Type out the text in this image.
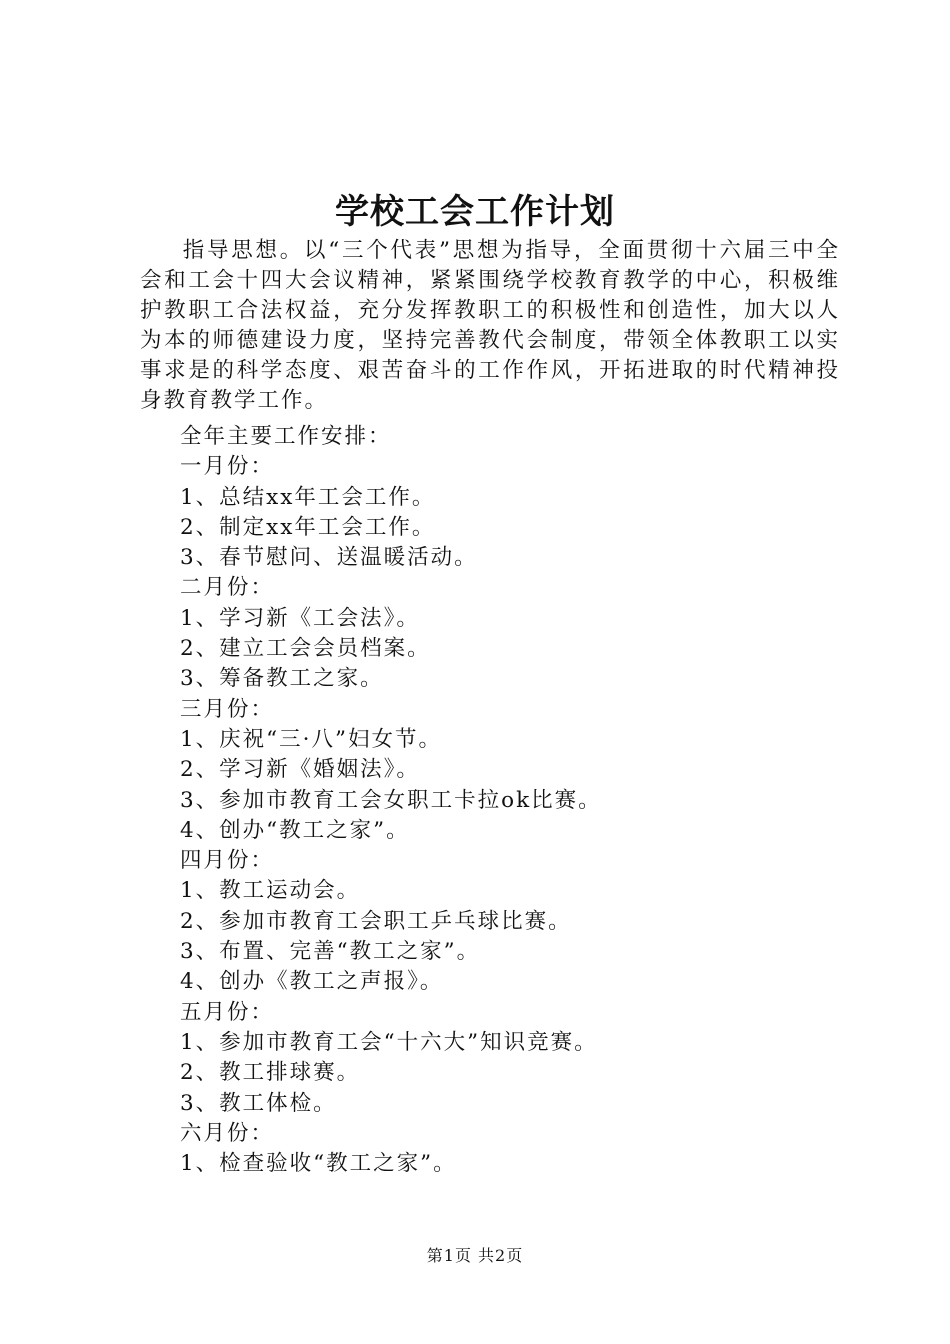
学校工会工作计划
指导思想。以“三个代表”思想为指导，全面贯彻十六届三中全会和工会十四大会议精神，紧紧围绕学校教育教学的中心，积极维护教职工合法权益，充分发挥教职工的积极性和创造性，加大以人为本的师德建设力度，坚持完善教代会制度，带领全体教职工以实事求是的科学态度、艰苦奋斗的工作作风，开拓进取的时代精神投身教育教学工作。
全年主要工作安排：
一月份：
1、总结xx年工会工作。
2、制定xx年工会工作。
3、春节慰问、送温暖活动。
二月份：
1、学习新《工会法》。
2、建立工会会员档案。
3、筹备教工之家。
三月份：
1、庆祝“三·八”妇女节。
2、学习新《婚姻法》。
3、参加市教育工会女职工卡拉ok比赛。
4、创办“教工之家”。
四月份：
1、教工运动会。
2、参加市教育工会职工乒乓球比赛。
3、布置、完善“教工之家”。
4、创办《教工之声报》。
五月份：
1、参加市教育工会“十六大”知识竞赛。
2、教工排球赛。
3、教工体检。
六月份：
1、检查验收“教工之家”。
第1页 共2页
